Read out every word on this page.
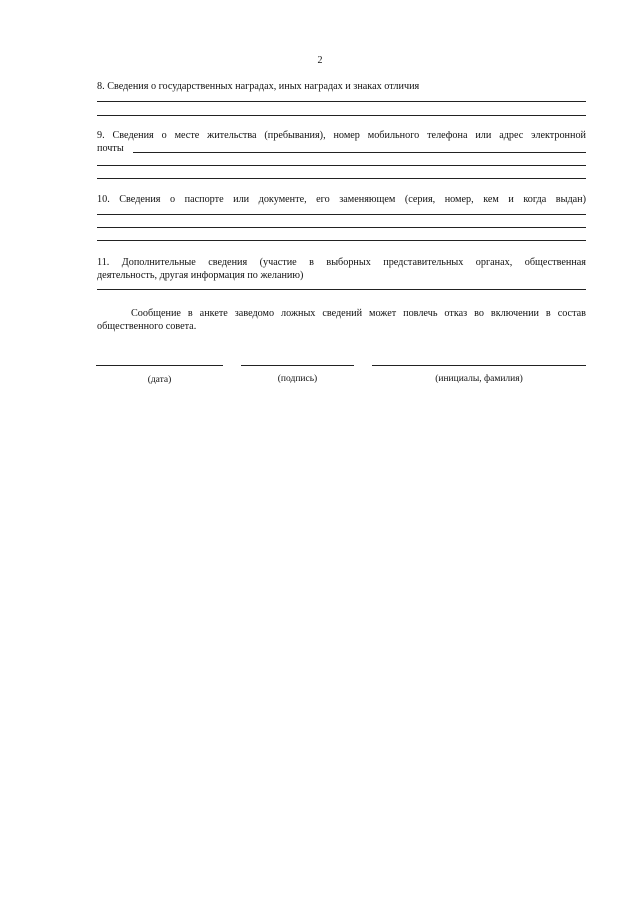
2
8. Сведения о государственных наградах, иных наградах и знаках отличия
9. Сведения о месте жительства (пребывания), номер мобильного телефона или адрес электронной
почты
10. Сведения о паспорте или документе, его заменяющем (серия, номер, кем и когда выдан)
11. Дополнительные сведения (участие в выборных представительных органах, общественная
деятельность, другая информация по желанию)
Сообщение в анкете заведомо ложных сведений может повлечь отказ во включении в состав
общественного совета.
(дата)	(подпись)	(инициалы, фамилия)
